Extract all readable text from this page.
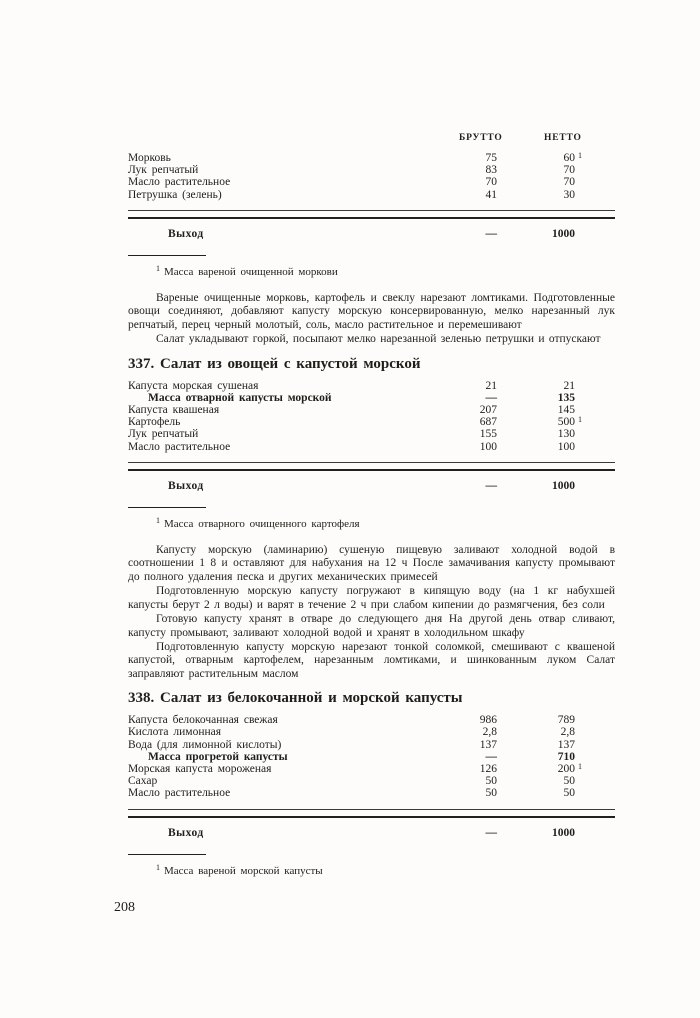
БРУТТО	НЕТТО
Морковь	75	60 1
Лук репчатый	83	70
Масло растительное	70	70
Петрушка (зелень)	41	30
Выход	—	1000
$^1$ Масса вареной очищенной моркови

Вареные очищенные морковь, картофель и свеклу нарезают ломтиками. Подготовленные овощи соединяют, добавляют капусту морскую консервированную, мелко нарезанный лук репчатый, перец черный молотый, соль, масло растительное и перемешивают

Салат укладывают горкой, посыпают мелко нарезанной зеленью петрушки и отпускают

337. Салат из овощей с капустой морской
Капуста морская сушеная	21	21
Масса отварной капусты морской	—	135
Капуста квашеная	207	145
Картофель	687	500 1
Лук репчатый	155	130
Масло растительное	100	100
Выход	—	1000
$^1$ Масса отварного очищенного картофеля

Капусту морскую (ламинарию) сушеную пищевую заливают холодной водой в соотношении 1 8 и оставляют для набухания на 12 ч После замачивания капусту промывают до полного удаления песка и других механических примесей

Подготовленную морскую капусту погружают в кипящую воду (на 1 кг набухшей капусты берут 2 л воды) и варят в течение 2 ч при слабом кипении до размягчения, без соли

Готовую капусту хранят в отваре до следующего дня На другой день отвар сливают, капусту промывают, заливают холодной водой и хранят в холодильном шкафу

Подготовленную капусту морскую нарезают тонкой соломкой, смешивают с квашеной капустой, отварным картофелем, нарезанным ломтиками, и шинкованным луком Салат заправляют растительным маслом

338. Салат из белокочанной и морской капусты
Капуста белокочанная свежая	986	789
Кислота лимонная	2,8	2,8
Вода (для лимонной кислоты)	137	137
Масса прогретой капусты	—	710
Морская капуста мороженая	126	200 1
Сахар	50	50
Масло растительное	50	50
Выход	—	1000
$^1$ Масса вареной морской капусты
208
